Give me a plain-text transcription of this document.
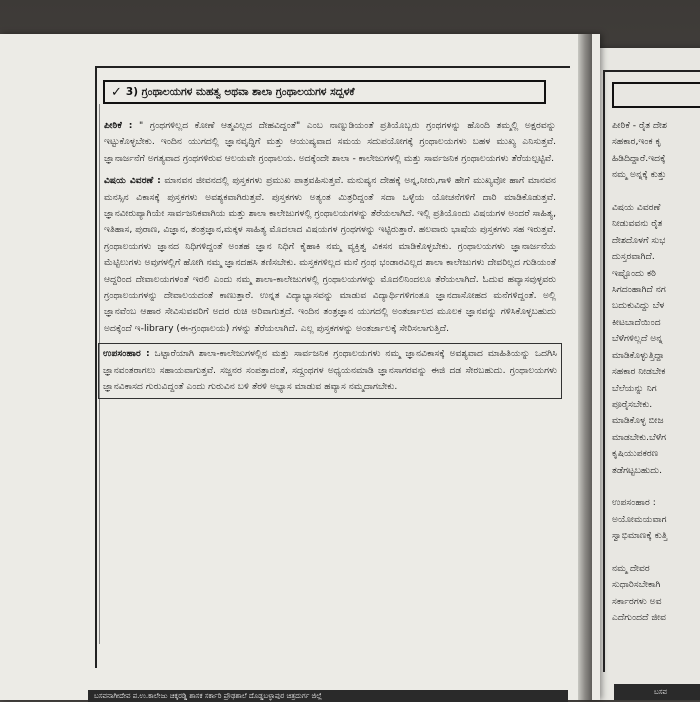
✓ 3) ಗ್ರಂಥಾಲಯಗಳ ಮಹತ್ವ ಅಥವಾ ಶಾಲಾ ಗ್ರಂಥಾಲಯಗಳ ಸದ್ಬಳಕೆ

ಪೀಠಿಕೆ : " ಗ್ರಂಥಗಳಿಲ್ಲದ ಕೋಣೆ ಆತ್ಮವಿಲ್ಲದ ದೇಹವಿದ್ದಂತೆ" ಎಂಬ ನಾಣ್ನುಡಿಯಂತೆ ಪ್ರತಿಯೊಬ್ಬರು ಗ್ರಂಥಗಳನ್ನು ಹೊಂದಿ ತಮ್ಮಲ್ಲಿ ಅಕ್ಷರವನ್ನು ಇಟ್ಟುಕೊಳ್ಳಬೇಕು. ಇಂದಿನ ಯುಗದಲ್ಲಿ ಜ್ಞಾನವೃದ್ಧಿಗೆ ಮತ್ತು ಆಯುಷ್ಯವಾದ ಸಮಯ ಸದುಪಯೋಗಕ್ಕೆ ಗ್ರಂಥಾಲಯಗಳು ಬಹಳ ಮುಖ್ಯ ಎನಿಸುತ್ತವೆ. ಜ್ಞಾನಾರ್ಜನೆಗೆ ಅಗತ್ಯವಾದ ಗ್ರಂಥಗಳಿರುವ ಆಲಯವೇ ಗ್ರಂಥಾಲಯ. ಅದಕ್ಕೆಂದೇ ಶಾಲಾ - ಕಾಲೇಜುಗಳಲ್ಲಿ ಮತ್ತು ಸಾರ್ವಜನಿಕ ಗ್ರಂಥಾಲಯಗಳು ತೆರೆಯಲ್ಪಟ್ಟಿವೆ.

ವಿಷಯ ವಿವರಣೆ : ಮಾನವನ ಜೀವನದಲ್ಲಿ ಪುಸ್ತಕಗಳು ಪ್ರಮುಖ ಪಾತ್ರವಹಿಸುತ್ತವೆ. ಮನುಷ್ಯನ ದೇಹಕ್ಕೆ ಅನ್ನ,ನೀರು,ಗಾಳಿ ಹೇಗೆ ಮುಖ್ಯವೋ ಹಾಗೆ ಮಾನವನ ಮನಸ್ಸಿನ ವಿಕಾಸಕ್ಕೆ ಪುಸ್ತಕಗಳು ಅವಶ್ಯಕವಾಗಿರುತ್ತವೆ. ಪುಸ್ತಕಗಳು ಅತ್ಯಂತ ಮಿತ್ರರಿದ್ದಂತೆ ಸದಾ ಒಳ್ಳೆಯ ಯೋಚನೆಗಳಿಗೆ ದಾರಿ ಮಾಡಿಕೊಡುತ್ತವೆ. ಜ್ಞಾನವೀರುಪ್ಯಾಗಿಯೇ ಸಾರ್ವಜನಿಕವಾಗಿಯ ಮತ್ತು ಶಾಲಾ ಕಾಲೇಜುಗಳಲ್ಲಿ ಗ್ರಂಥಾಲಯಗಳನ್ನು ತೆರೆಯಲಾಗಿದೆ. ಇಲ್ಲಿ ಪ್ರತಿಯೊಂದು ವಿಷಯಗಳ ಅಂದರೆ ಸಾಹಿತ್ಯ, ಇತಿಹಾಸ, ಪುರಾಣ, ವಿಜ್ಞಾನ, ತಂತ್ರಜ್ಞಾನ,ಮಕ್ಕಳ ಸಾಹಿತ್ಯ ಮೊದಲಾದ ವಿಷಯಗಳ ಗ್ರಂಥಗಳನ್ನು ಇಟ್ಟಿರುತ್ತಾರೆ. ಹಲವಾರು ಭಾಷೆಯ ಪುಸ್ತಕಗಳು ಸಹ ಇರುತ್ತವೆ. ಗ್ರಂಥಾಲಯಗಳು ಜ್ಞಾನದ ನಿಧಿಗಳಿದ್ದಂತೆ ಅಂತಹ ಜ್ಞಾನ ನಿಧಿಗೆ ಕೈಹಾಕಿ ನಮ್ಮ ವ್ಯಕ್ತಿತ್ವ ವಿಕಸನ ಮಾಡಿಕೊಳ್ಳಬೇಕು. ಗ್ರಂಥಾಲಯಗಳು ಜ್ಞಾನಾರ್ಜನೆಯ ಮೆಟ್ಟಿಲುಗಳು ಅವುಗಳಲ್ಲಿಗೆ ಹೋಗಿ ನಮ್ಮ ಜ್ಞಾನದಹಸಿ ತಣಿಸಬೇಕು. ಮಸ್ತಕಗಳಿಲ್ಲದ ಮನೆ ಗ್ರಂಥ ಭಂಡಾರವಿಲ್ಲದ ಶಾಲಾ ಕಾಲೇಜುಗಳು ದೇವರಿಲ್ಲದ ಗುಡಿಯಂತೆ ಆದ್ದರಿಂದ ದೇವಾಲಯಗಳಂತೆ ಇರಲಿ ಎಂದು ನಮ್ಮ ಶಾಲಾ-ಕಾಲೇಜುಗಳಲ್ಲಿ ಗ್ರಂಥಾಲಯಗಳನ್ನು ಮೊದಲಿನಿಂದಲೂ ತೆರೆಯಲಾಗಿದೆ. ಓದುವ ಹವ್ಯಾಸವುಳ್ಳವರು ಗ್ರಂಥಾಲಯಗಳನ್ನು ದೇವಾಲಯದಂತೆ ಕಾಣುತ್ತಾರೆ. ಉನ್ನತ ವಿದ್ಯಾಭ್ಯಾಸವನ್ನು ಮಾಡುವ ವಿದ್ಯಾರ್ಥಿಗಳಿಗಂತೂ ಜ್ಞಾನದಾಸೋಹದ ಮನೆಗಳಿದ್ದಂತೆ. ಅಲ್ಲಿ ಜ್ಞಾನವೆಂಬ ಆಹಾರ ಸೇವಿಸುವವರಿಗೆ ಅದರ ರುಚಿ ಅರಿವಾಗುತ್ತದೆ. ಇಂದಿನ ತಂತ್ರಜ್ಞಾನ ಯುಗದಲ್ಲಿ ಅಂತರ್ಜಾಲದ ಮೂಲಕ ಜ್ಞಾನವನ್ನು ಗಳಿಸಿಕೊಳ್ಳಬಹುದು ಅದಕ್ಕೆಂದೆ ಇ-library (ಈ-ಗ್ರಂಥಾಲಯ) ಗಳನ್ನು ತೆರೆಯಲಾಗಿದೆ. ಎಲ್ಲ ಪುಸ್ತಕಗಳನ್ನು ಅಂತರ್ಜಾಲಕ್ಕೆ ಸೇರಿಸಲಾಗುತ್ತಿದೆ.

ಉಪಸಂಹಾರ : ಒಟ್ಟಾರೆಯಾಗಿ ಶಾಲಾ-ಕಾಲೇಜುಗಳಲ್ಲಿನ ಮತ್ತು ಸಾರ್ವಜನಿಕ ಗ್ರಂಥಾಲಯಗಳು ನಮ್ಮ ಜ್ಞಾನವಿಕಾಸಕ್ಕೆ ಅವಶ್ಯವಾದ ಮಾಹಿತಿಯನ್ನು ಒದಗಿಸಿ ಜ್ಞಾನವಂತರಾಗಲು ಸಹಾಯವಾಗುತ್ತವೆ. ಸಜ್ಜನರ ಸಂಪತ್ತಾದಂತೆ, ಸದ್ಗ್ರಂಥಗಳ ಅಧ್ಯಯನಮಾಡಿ ಜ್ಞಾನಸಾಗರವನ್ನು ಈಜಿ ದಡ ಸೇರಬಹುದು. ಗ್ರಂಥಾಲಯಗಳು ಜ್ಞಾನವಿಕಾಸದ ಗುರುವಿದ್ದಂತೆ ಎಂದು ಗುರುವಿನ ಬಳಿ ತೆರಳಿ ಅಭ್ಯಾಸ ಮಾಡುವ ಹವ್ಯಾಸ ನಮ್ಮದಾಗಬೇಕು.

ಪೀಠಿಕೆ - ರೈತ ದೇಶ
ಸಹಕಾರ,ಇಂಕ ಕೃ
ಹಿಡಿದಿದ್ದಾರೆ.ಇದಕ್ಕೆ
ನಮ್ಮ ಅನ್ನಕ್ಕೆ ಕುತ್ತು

ವಿಷಯ ವಿವರಣೆ
ನೀಡುವವನು ರೈತ
ದೇಶದೊಳಗೆ ಸುಭ
ದುಸ್ತರವಾಗಿದೆ.
ಇಷ್ಟೊಂದು ಕಠಿ
ಸಿಗದಂಹಾಗಿದೆ ನಗ
ಬದುಕುವಿದ್ದು ಬೆಳ
ಕೀಟಬಾದೆಯಿಂದ
ಬೆಳೆಗಳಿಲ್ಲದೆ ಅನ್ನ
ಮಾಡಿಕೊಳ್ಳುತ್ತಿದ್ದಾ
ಸಹಕಾರ ನೀಡಬೇಕ
ಬೆಲೆಯನ್ನು ನಿಗ
ಪೂರೈಸಬೇಕು.
ಮಾಡಿಕೊಳ್ಳ ಬೀಜ
ಮಾಡಬೇಕು.ಬೆಳೆಗ
ಕೃಷಿಯುಪಕರಣ
ತಡೆಗಟ್ಟಬಹುದು.

ಉಪಸಂಹಾರ :
ಅಯೋಮಯವಾಗ
ಸ್ವಾಭಿಮಾಣಕ್ಕೆ ಕುತ್ತಿ

ನಮ್ಮ ದೇವರ
ಸುಧಾರಿಸಬೇಕಾಗಿ
ಸರ್ಕಾರಗಳು ಅವ
ಎದೆಗುಂದದೆ ಜೀವ
ಬಸವನಾಗೀದೇವ ಪ.ಉ.ಕಾಲೇಜು ಚಿಕ್ಕರಡ್ಡಿ ಶಾಸಕ ಸರ್ಕಾರಿ ಪ್ರೌಢಶಾಲೆ ದೊಡ್ಡಬಳ್ಳಾಪುರ ಚಿತ್ರದುರ್ಗ ಜಿಲ್ಲೆ	ಬಸವ
